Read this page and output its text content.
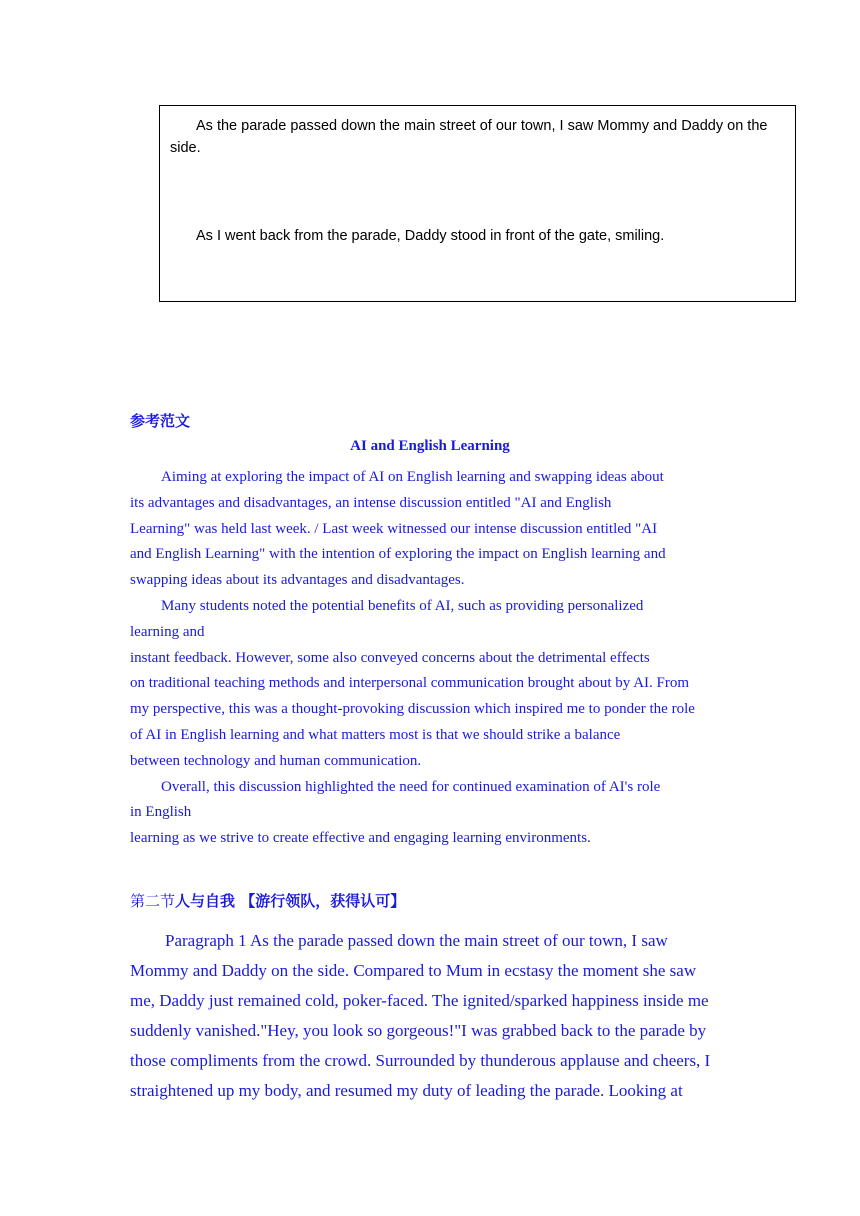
As the parade passed down the main street of our town, I saw Mommy and Daddy on the side.

As I went back from the parade, Daddy stood in front of the gate, smiling.

参考范文
AI and English Learning
Aiming at exploring the impact of AI on English learning and swapping ideas about
its advantages and disadvantages, an intense discussion entitled "AI and English
Learning" was held last week. / Last week witnessed our intense discussion entitled "AI
and English Learning" with the intention of exploring the impact on English learning and
swapping ideas about its advantages and disadvantages.
Many students noted the potential benefits of AI, such as providing personalized
learning and
instant feedback. However, some also conveyed concerns about the detrimental effects
on traditional teaching methods and interpersonal communication brought about by AI. From
my perspective, this was a thought-provoking discussion which inspired me to ponder the role
of AI in English learning and what matters most is that we should strike a balance
between technology and human communication.
Overall, this discussion highlighted the need for continued examination of AI's role
in English
learning as we strive to create effective and engaging learning environments.
第二节人与自我 【游行领队，获得认可】
Paragraph 1 As the parade passed down the main street of our town, I saw
Mommy and Daddy on the side. Compared to Mum in ecstasy the moment she saw
me, Daddy just remained cold, poker-faced. The ignited/sparked happiness inside me
suddenly vanished."Hey, you look so gorgeous!"I was grabbed back to the parade by
those compliments from the crowd. Surrounded by thunderous applause and cheers, I
straightened up my body, and resumed my duty of leading the parade. Looking at
